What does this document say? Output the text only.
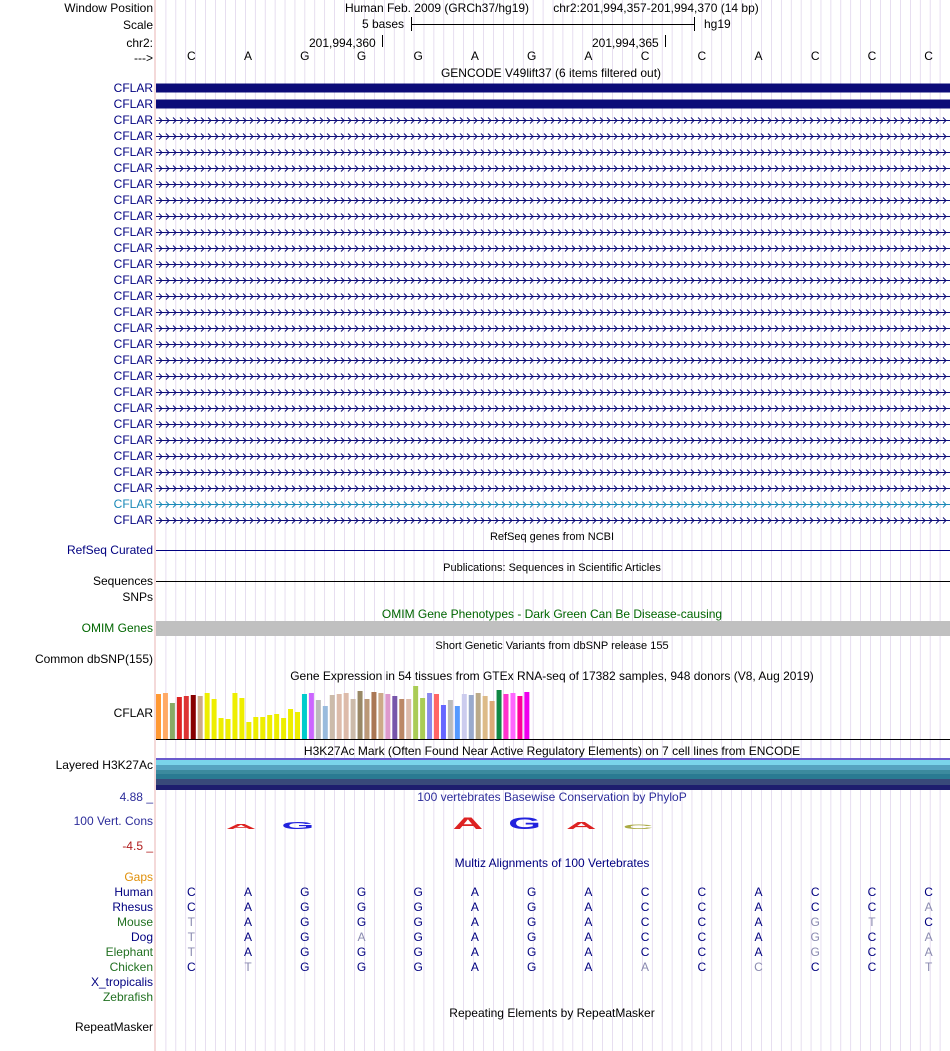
Window Position
Scale
chr2:
--->
Human Feb. 2009 (GRCh37/hg19) chr2:201,994,357-201,994,370 (14 bp)
5 bases	hg19
201,994,360	201,994,365
C	A	G	G	G	A	G	A	C	C	A	C	C	C
GENCODE V49lift37 (6 items filtered out)
CFLAR
CFLAR
CFLAR
CFLAR
CFLAR
CFLAR
CFLAR
CFLAR
CFLAR
CFLAR
CFLAR
CFLAR
CFLAR
CFLAR
CFLAR
CFLAR
CFLAR
CFLAR
CFLAR
CFLAR
CFLAR
CFLAR
CFLAR
CFLAR
CFLAR
CFLAR
CFLAR
CFLAR
RefSeq genes from NCBI
RefSeq Curated
Publications: Sequences in Scientific Articles
Sequences
SNPs
OMIM Gene Phenotypes - Dark Green Can Be Disease-causing
OMIM Genes
Short Genetic Variants from dbSNP release 155
Common dbSNP(155)
Gene Expression in 54 tissues from GTEx RNA-seq of 17382 samples, 948 donors (V8, Aug 2019)
CFLAR
H3K27Ac Mark (Often Found Near Active Regulatory Elements) on 7 cell lines from ENCODE
Layered H3K27Ac
100 vertebrates Basewise Conservation by PhyloP
4.88 _
100 Vert. Cons
-4.5 _
A G	A G A C
Multiz Alignments of 100 Vertebrates
Gaps
Human	C	A	G	G	G	A	G	A	C	C	A	C	C	C
Rhesus	C	A	G	G	G	A	G	A	C	C	A	C	C	A
Mouse	T	A	G	G	G	A	G	A	C	C	A	G	T	C
Dog	T	A	G	A	G	A	G	A	C	C	A	G	C	A
Elephant	T	A	G	G	G	A	G	A	C	C	A	G	C	A
Chicken	C	T	G	G	G	A	G	A	A	C	C	C	C	T
X_tropicalis
Zebrafish
Repeating Elements by RepeatMasker
RepeatMasker
